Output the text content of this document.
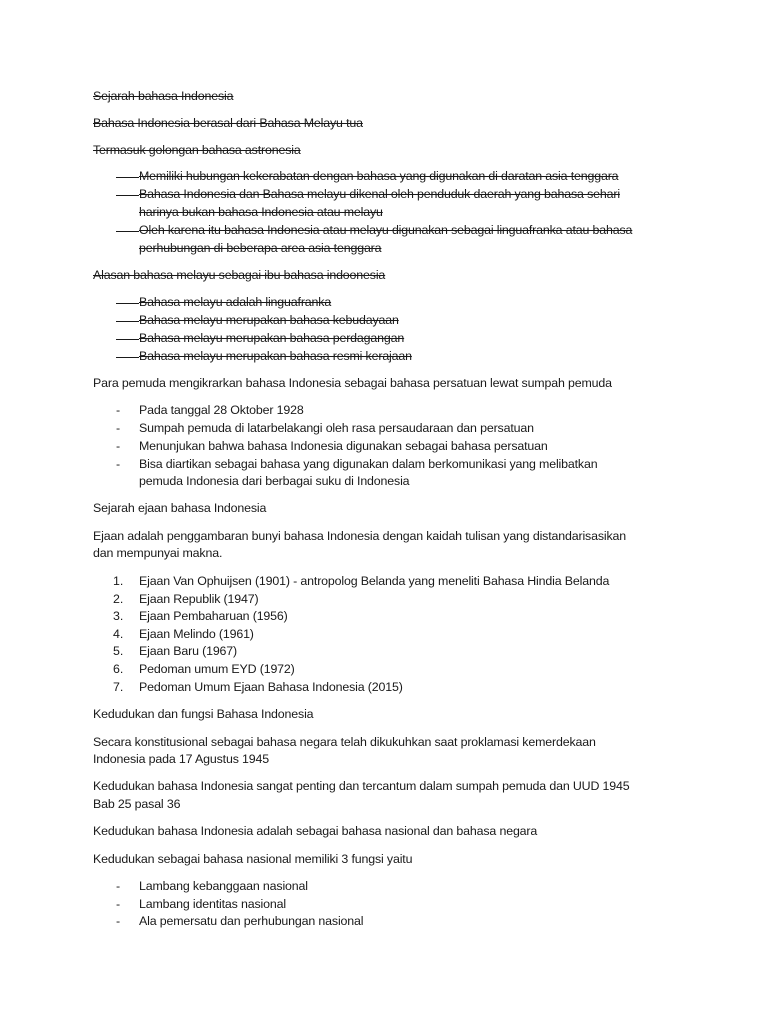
Sejarah bahasa Indonesia
Bahasa Indonesia berasal dari Bahasa Melayu tua
Termasuk golongan bahasa astronesia
Memiliki hubungan kekerabatan dengan bahasa yang digunakan di daratan asia tenggara
Bahasa Indonesia dan Bahasa melayu dikenal oleh penduduk daerah yang bahasa sehari
harinya bukan bahasa Indonesia atau melayu
Oleh karena itu bahasa Indonesia atau melayu digunakan sebagai linguafranka atau bahasa
perhubungan di beberapa area asia tenggara
Alasan bahasa melayu sebagai ibu bahasa indoonesia
Bahasa melayu adalah linguafranka
Bahasa melayu merupakan bahasa kebudayaan
Bahasa melayu merupakan bahasa perdagangan
Bahasa melayu merupakan bahasa resmi kerajaan
Para pemuda mengikrarkan bahasa Indonesia sebagai bahasa persatuan lewat sumpah pemuda
- Pada tanggal 28 Oktober 1928
- Sumpah pemuda di latarbelakangi oleh rasa persaudaraan dan persatuan
- Menunjukan bahwa bahasa Indonesia digunakan sebagai bahasa persatuan
- Bisa diartikan sebagai bahasa yang digunakan dalam berkomunikasi yang melibatkan
pemuda Indonesia dari berbagai suku di Indonesia
Sejarah ejaan bahasa Indonesia
Ejaan adalah penggambaran bunyi bahasa Indonesia dengan kaidah tulisan yang distandarisasikan
dan mempunyai makna.
1. Ejaan Van Ophuijsen (1901) - antropolog Belanda yang meneliti Bahasa Hindia Belanda
2. Ejaan Republik (1947)
3. Ejaan Pembaharuan (1956)
4. Ejaan Melindo (1961)
5. Ejaan Baru (1967)
6. Pedoman umum EYD (1972)
7. Pedoman Umum Ejaan Bahasa Indonesia (2015)
Kedudukan dan fungsi Bahasa Indonesia
Secara konstitusional sebagai bahasa negara telah dikukuhkan saat proklamasi kemerdekaan
Indonesia pada 17 Agustus 1945
Kedudukan bahasa Indonesia sangat penting dan tercantum dalam sumpah pemuda dan UUD 1945
Bab 25 pasal 36
Kedudukan bahasa Indonesia adalah sebagai bahasa nasional dan bahasa negara
Kedudukan sebagai bahasa nasional memiliki 3 fungsi yaitu
- Lambang kebanggaan nasional
- Lambang identitas nasional
- Ala pemersatu dan perhubungan nasional
